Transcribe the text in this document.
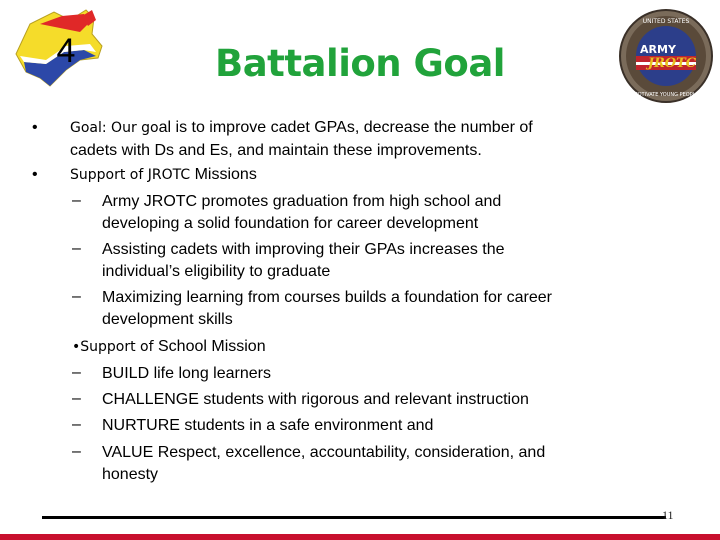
4	Battalion Goal	ARMY
JROTC
UNITED STATES
MOTIVATE YOUNG PEOPLE
• Goal: Our goal is to improve cadet GPAs, decrease the number of
cadets with Ds and Es, and maintain these improvements.
• Support of JROTC Missions
– Army JROTC promotes graduation from high school and
developing a solid foundation for career development
– Assisting cadets with improving their GPAs increases the
individual’s eligibility to graduate
– Maximizing learning from courses builds a foundation for career
development skills
•Support of School Mission
– BUILD life long learners
– CHALLENGE students with rigorous and relevant instruction
– NURTURE students in a safe environment and
– VALUE Respect, excellence, accountability, consideration, and
honesty
11
